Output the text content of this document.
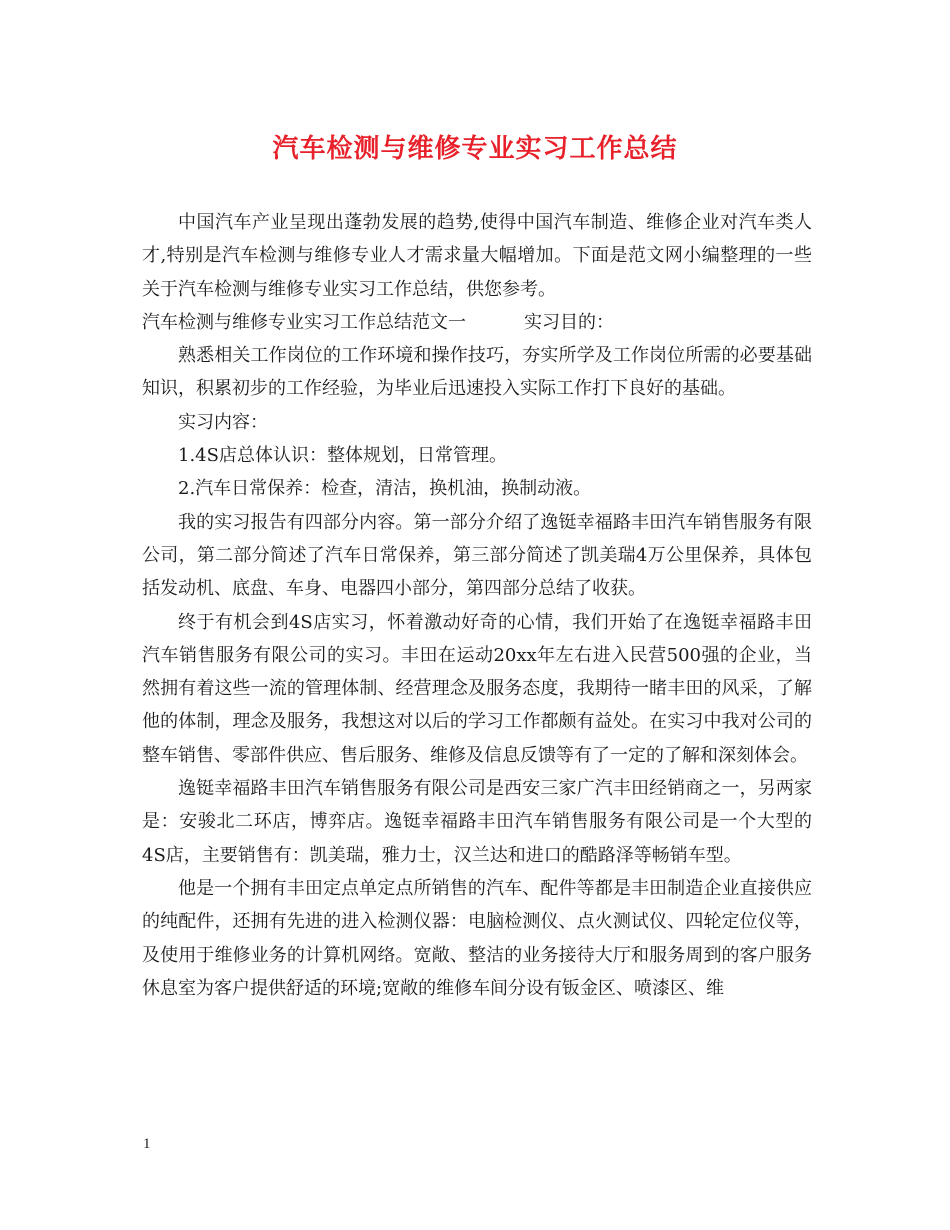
汽车检测与维修专业实习工作总结

中国汽车产业呈现出蓬勃发展的趋势,使得中国汽车制造、维修企业对汽车类人才,特别是汽车检测与维修专业人才需求量大幅增加。下面是范文网小编整理的一些关于汽车检测与维修专业实习工作总结，供您参考。

汽车检测与维修专业实习工作总结范文一	实习目的：

熟悉相关工作岗位的工作环境和操作技巧，夯实所学及工作岗位所需的必要基础知识，积累初步的工作经验，为毕业后迅速投入实际工作打下良好的基础。

实习内容：

1.4S店总体认识：整体规划，日常管理。

2.汽车日常保养：检查，清洁，换机油，换制动液。

我的实习报告有四部分内容。第一部分介绍了逸铤幸福路丰田汽车销售服务有限公司，第二部分简述了汽车日常保养，第三部分简述了凯美瑞4万公里保养，具体包括发动机、底盘、车身、电器四小部分，第四部分总结了收获。

终于有机会到4S店实习，怀着激动好奇的心情，我们开始了在逸铤幸福路丰田汽车销售服务有限公司的实习。丰田在运动20xx年左右进入民营500强的企业，当然拥有着这些一流的管理体制、经营理念及服务态度，我期待一睹丰田的风采，了解他的体制，理念及服务，我想这对以后的学习工作都颇有益处。在实习中我对公司的整车销售、零部件供应、售后服务、维修及信息反馈等有了一定的了解和深刻体会。

逸铤幸福路丰田汽车销售服务有限公司是西安三家广汽丰田经销商之一，另两家是：安骏北二环店，博弈店。逸铤幸福路丰田汽车销售服务有限公司是一个大型的4S店，主要销售有：凯美瑞，雅力士，汉兰达和进口的酷路泽等畅销车型。

他是一个拥有丰田定点单定点所销售的汽车、配件等都是丰田制造企业直接供应的纯配件，还拥有先进的进入检测仪器：电脑检测仪、点火测试仪、四轮定位仪等，及使用于维修业务的计算机网络。宽敞、整洁的业务接待大厅和服务周到的客户服务休息室为客户提供舒适的环境;宽敞的维修车间分设有钣金区、喷漆区、维

1
